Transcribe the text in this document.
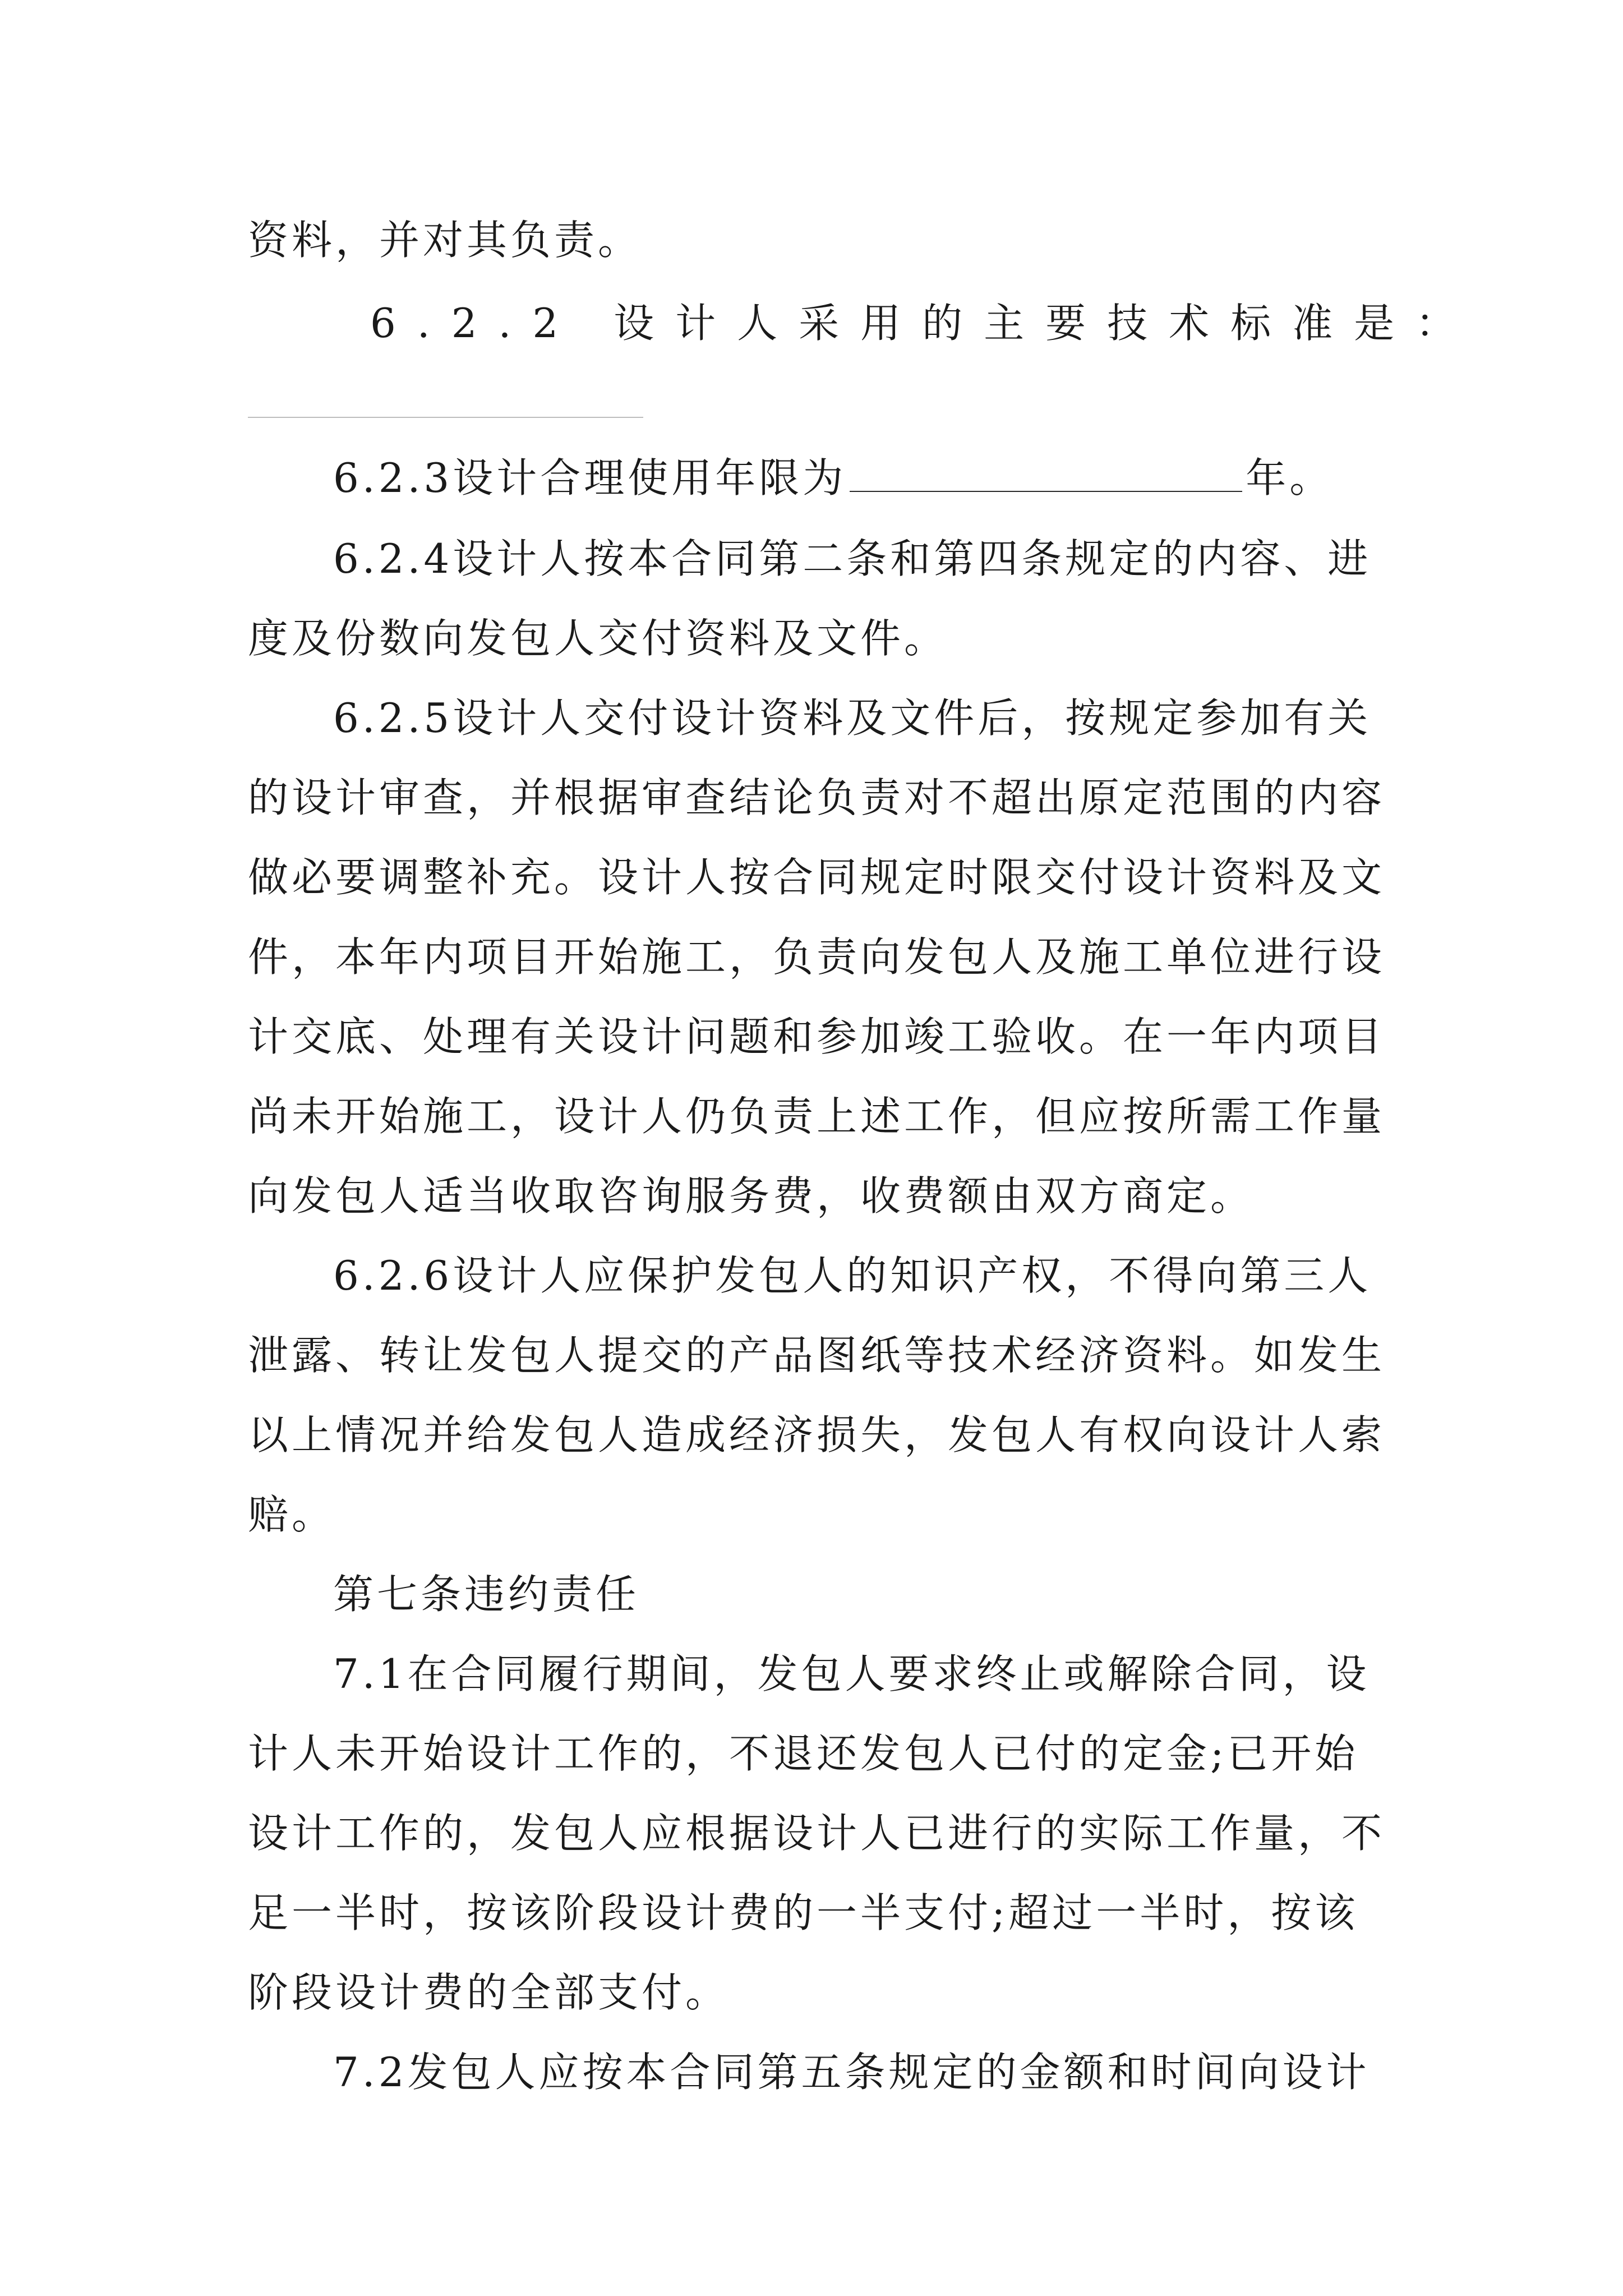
资料，并对其负责。
6.2.2 设计人采用的主要技术标准是：
6.2.3设计合理使用年限为	年。
6.2.4设计人按本合同第二条和第四条规定的内容、进
度及份数向发包人交付资料及文件。
6.2.5设计人交付设计资料及文件后，按规定参加有关
的设计审查，并根据审查结论负责对不超出原定范围的内容
做必要调整补充。设计人按合同规定时限交付设计资料及文
件，本年内项目开始施工，负责向发包人及施工单位进行设
计交底、处理有关设计问题和参加竣工验收。在一年内项目
尚未开始施工，设计人仍负责上述工作，但应按所需工作量
向发包人适当收取咨询服务费，收费额由双方商定。
6.2.6设计人应保护发包人的知识产权，不得向第三人
泄露、转让发包人提交的产品图纸等技术经济资料。如发生
以上情况并给发包人造成经济损失，发包人有权向设计人索
赔。
第七条违约责任
7.1在合同履行期间，发包人要求终止或解除合同，设
计人未开始设计工作的，不退还发包人已付的定金;已开始
设计工作的，发包人应根据设计人已进行的实际工作量，不
足一半时，按该阶段设计费的一半支付;超过一半时，按该
阶段设计费的全部支付。
7.2发包人应按本合同第五条规定的金额和时间向设计
